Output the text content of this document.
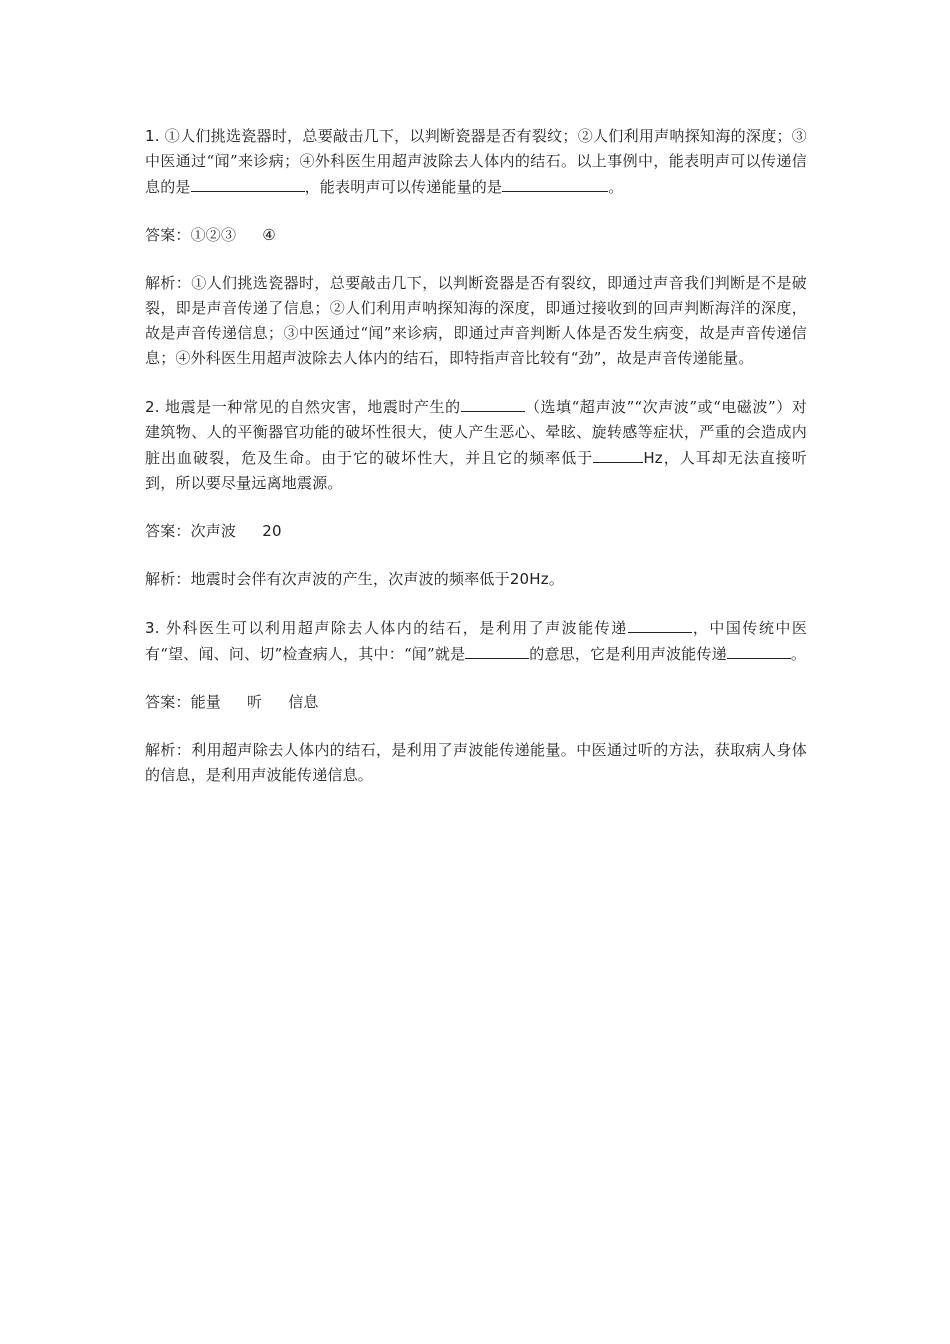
1. ①人们挑选瓷器时，总要敲击几下，以判断瓷器是否有裂纹；②人们利用声呐探知海的深度；③中医通过“闻”来诊病；④外科医生用超声波除去人体内的结石。以上事例中，能表明声可以传递信息的是	，能表明声可以传递能量的是	。

答案：①②③ ④

解析：①人们挑选瓷器时，总要敲击几下，以判断瓷器是否有裂纹，即通过声音我们判断是不是破裂，即是声音传递了信息；②人们利用声呐探知海的深度，即通过接收到的回声判断海洋的深度，故是声音传递信息；③中医通过“闻”来诊病，即通过声音判断人体是否发生病变，故是声音传递信息；④外科医生用超声波除去人体内的结石，即特指声音比较有“劲”，故是声音传递能量。

2. 地震是一种常见的自然灾害，地震时产生的	（选填“超声波”“次声波”或“电磁波”）对建筑物、人的平衡器官功能的破坏性很大，使人产生恶心、晕眩、旋转感等症状，严重的会造成内脏出血破裂，危及生命。由于它的破坏性大，并且它的频率低于	Hz，人耳却无法直接听到，所以要尽量远离地震源。

答案：次声波 20

解析：地震时会伴有次声波的产生，次声波的频率低于20Hz。

3. 外科医生可以利用超声除去人体内的结石，是利用了声波能传递	，中国传统中医有“望、闻、问、切”检查病人，其中：“闻”就是	的意思，它是利用声波能传递	。

答案：能量 听 信息

解析：利用超声除去人体内的结石，是利用了声波能传递能量。中医通过听的方法，获取病人身体的信息，是利用声波能传递信息。
